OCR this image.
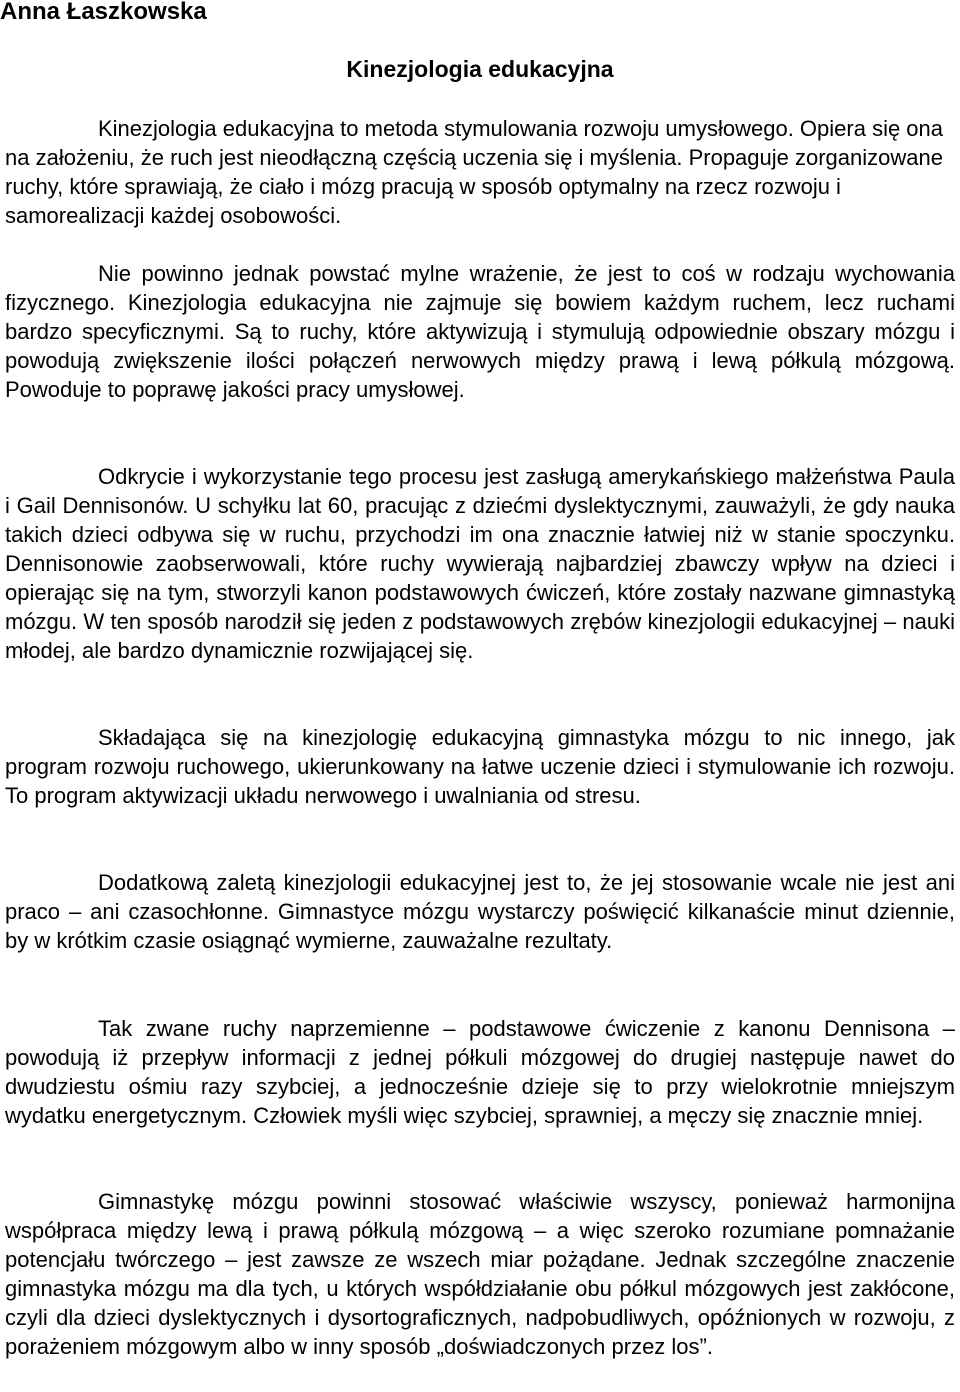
Anna Łaszkowska
Kinezjologia edukacyjna

Kinezjologia edukacyjna to metoda stymulowania rozwoju umysłowego. Opiera się ona na założeniu, że ruch jest nieodłączną częścią uczenia się i myślenia. Propaguje zorganizowane ruchy, które sprawiają, że ciało i mózg pracują w sposób optymalny na rzecz rozwoju i samorealizacji każdej osobowości.

Nie powinno jednak powstać mylne wrażenie, że jest to coś w rodzaju wychowania fizycznego. Kinezjologia edukacyjna nie zajmuje się bowiem każdym ruchem, lecz ruchami bardzo specyficznymi. Są to ruchy, które aktywizują i stymulują odpowiednie obszary mózgu i powodują zwiększenie ilości połączeń nerwowych między prawą i lewą półkulą mózgową. Powoduje to poprawę jakości pracy umysłowej.

Odkrycie i wykorzystanie tego procesu jest zasługą amerykańskiego małżeństwa Paula i Gail Dennisonów. U schyłku lat 60, pracując z dziećmi dyslektycznymi, zauważyli, że gdy nauka takich dzieci odbywa się w ruchu, przychodzi im ona znacznie łatwiej niż w stanie spoczynku. Dennisonowie zaobserwowali, które ruchy wywierają najbardziej zbawczy wpływ na dzieci i opierając się na tym, stworzyli kanon podstawowych ćwiczeń, które zostały nazwane gimnastyką mózgu. W ten sposób narodził się jeden z podstawowych zrębów kinezjologii edukacyjnej – nauki młodej, ale bardzo dynamicznie rozwijającej się.

Składająca się na kinezjologię edukacyjną gimnastyka mózgu to nic innego, jak program rozwoju ruchowego, ukierunkowany na łatwe uczenie dzieci i stymulowanie ich rozwoju. To program aktywizacji układu nerwowego i uwalniania od stresu.

Dodatkową zaletą kinezjologii edukacyjnej jest to, że jej stosowanie wcale nie jest ani praco – ani czasochłonne. Gimnastyce mózgu wystarczy poświęcić kilkanaście minut dziennie, by w krótkim czasie osiągnąć wymierne, zauważalne rezultaty.

Tak zwane ruchy naprzemienne – podstawowe ćwiczenie z kanonu Dennisona – powodują iż przepływ informacji z jednej półkuli mózgowej do drugiej następuje nawet do dwudziestu ośmiu razy szybciej, a jednocześnie dzieje się to przy wielokrotnie mniejszym wydatku energetycznym. Człowiek myśli więc szybciej, sprawniej, a męczy się znacznie mniej.

Gimnastykę mózgu powinni stosować właściwie wszyscy, ponieważ harmonijna współpraca między lewą i prawą półkulą mózgową – a więc szeroko rozumiane pomnażanie potencjału twórczego – jest zawsze ze wszech miar pożądane. Jednak szczególne znaczenie gimnastyka mózgu ma dla tych, u których współdziałanie obu półkul mózgowych jest zakłócone, czyli dla dzieci dyslektycznych i dysortograficznych, nadpobudliwych, opóźnionych w rozwoju, z porażeniem mózgowym albo w inny sposób „doświadczonych przez los”.
